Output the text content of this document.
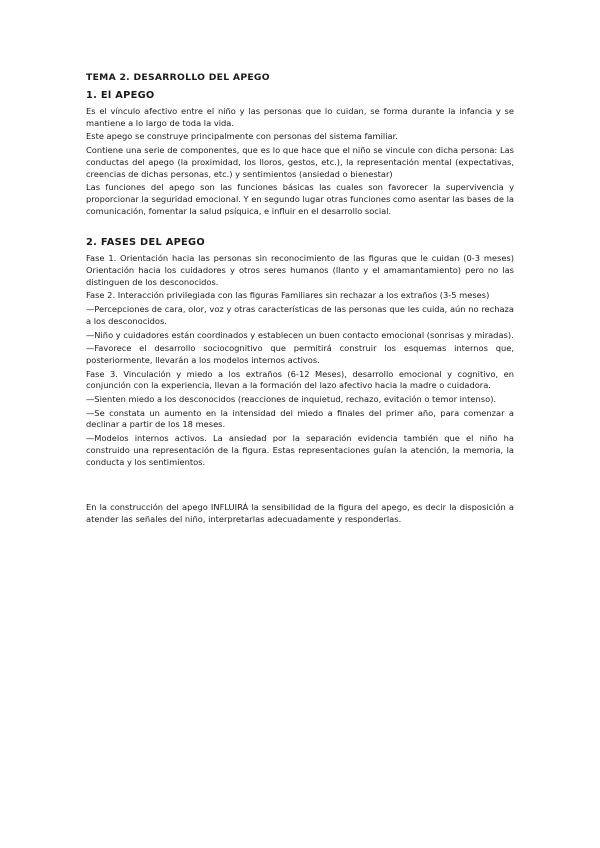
TEMA 2. DESARROLLO DEL APEGO
1. El APEGO

Es el vínculo afectivo entre el niño y las personas que lo cuidan, se forma durante la infancia y se mantiene a lo largo de toda la vida.

Este apego se construye principalmente con personas del sistema familiar.

Contiene una serie de componentes, que es lo que hace que el niño se vincule con dicha persona: Las conductas del apego (la proximidad, los lloros, gestos, etc.), la representación mental (expectativas, creencias de dichas personas, etc.) y sentimientos (ansiedad o bienestar)

Las funciones del apego son las funciones básicas las cuales son favorecer la supervivencia y proporcionar la seguridad emocional. Y en segundo lugar otras funciones como asentar las bases de la comunicación, fomentar la salud psíquica, e influir en el desarrollo social.

2. FASES DEL APEGO

Fase 1. Orientación hacia las personas sin reconocimiento de las figuras que le cuidan (0-3 meses) Orientación hacia los cuidadores y otros seres humanos (llanto y el amamantamiento) pero no las distinguen de los desconocidos.

Fase 2. Interacción privilegiada con las figuras Familiares sin rechazar a los extraños (3-5 meses)

—Percepciones de cara, olor, voz y otras características de las personas que les cuida, aún no rechaza a los desconocidos.

—Niño y cuidadores están coordinados y establecen un buen contacto emocional (sonrisas y miradas).

—Favorece el desarrollo sociocognitivo que permitirá construir los esquemas internos que, posteriormente, llevarán a los modelos internos activos.

Fase 3. Vinculación y miedo a los extraños (6-12 Meses), desarrollo emocional y cognitivo, en conjunción con la experiencia, llevan a la formación del lazo afectivo hacia la madre o cuidadora.

—Sienten miedo a los desconocidos (reacciones de inquietud, rechazo, evitación o temor intenso).

—Se constata un aumento en la intensidad del miedo a finales del primer año, para comenzar a declinar a partir de los 18 meses.

—Modelos internos activos. La ansiedad por la separación evidencia también que el niño ha construido una representación de la figura. Estas representaciones guían la atención, la memoria, la conducta y los sentimientos.

En la construcción del apego INFLUIRÁ la sensibilidad de la figura del apego, es decir la disposición a atender las señales del niño, interpretarlas adecuadamente y responderlas.
